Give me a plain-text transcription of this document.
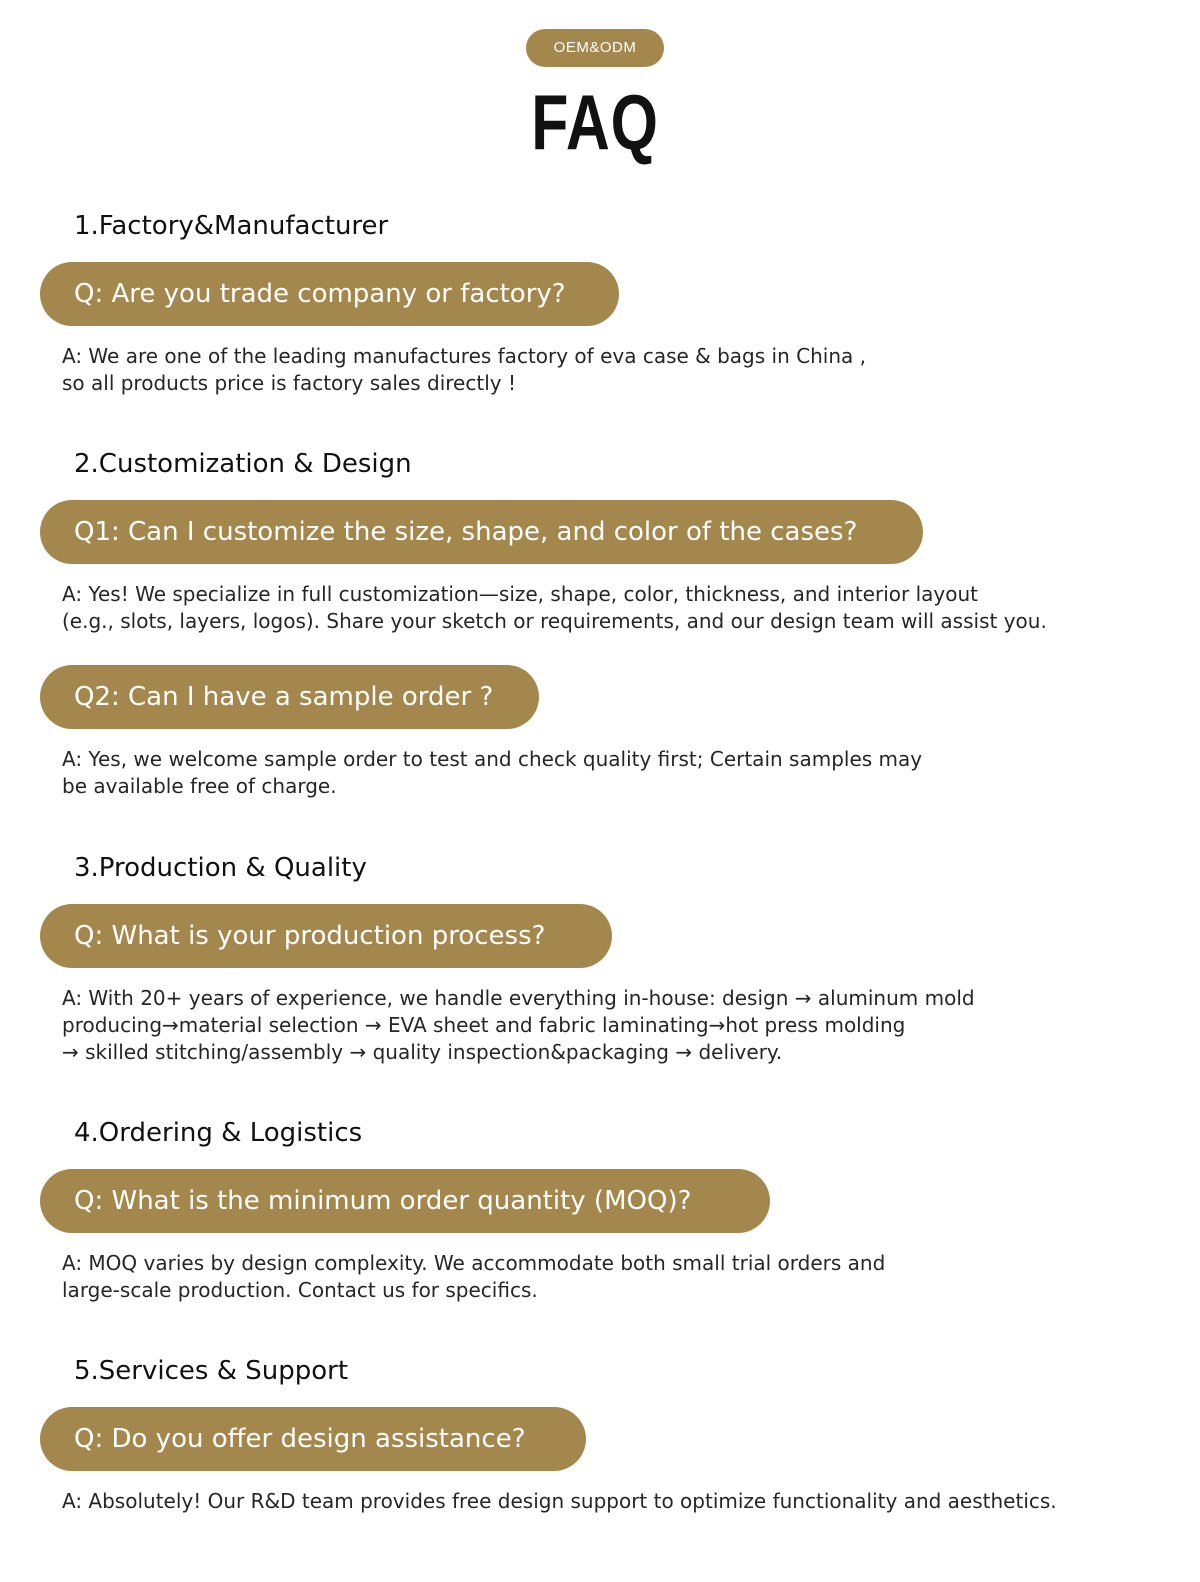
OEM&ODM
FAQ
1.Factory&Manufacturer
Q: Are you trade company or factory?
A: We are one of the leading manufactures factory of eva case & bags in China ,
so all products price is factory sales directly !
2.Customization & Design
Q1: Can I customize the size, shape, and color of the cases?
A: Yes! We specialize in full customization—size, shape, color, thickness, and interior layout
(e.g., slots, layers, logos). Share your sketch or requirements, and our design team will assist you.
Q2: Can I have a sample order ?
A: Yes, we welcome sample order to test and check quality first; Certain samples may
be available free of charge.
3.Production & Quality
Q: What is your production process?
A: With 20+ years of experience, we handle everything in-house: design → aluminum mold
producing→material selection → EVA sheet and fabric laminating→hot press molding
→ skilled stitching/assembly → quality inspection&packaging → delivery.
4.Ordering & Logistics
Q: What is the minimum order quantity (MOQ)?
A: MOQ varies by design complexity. We accommodate both small trial orders and
large-scale production. Contact us for specifics.
5.Services & Support
Q: Do you offer design assistance?
A: Absolutely! Our R&D team provides free design support to optimize functionality and aesthetics.
